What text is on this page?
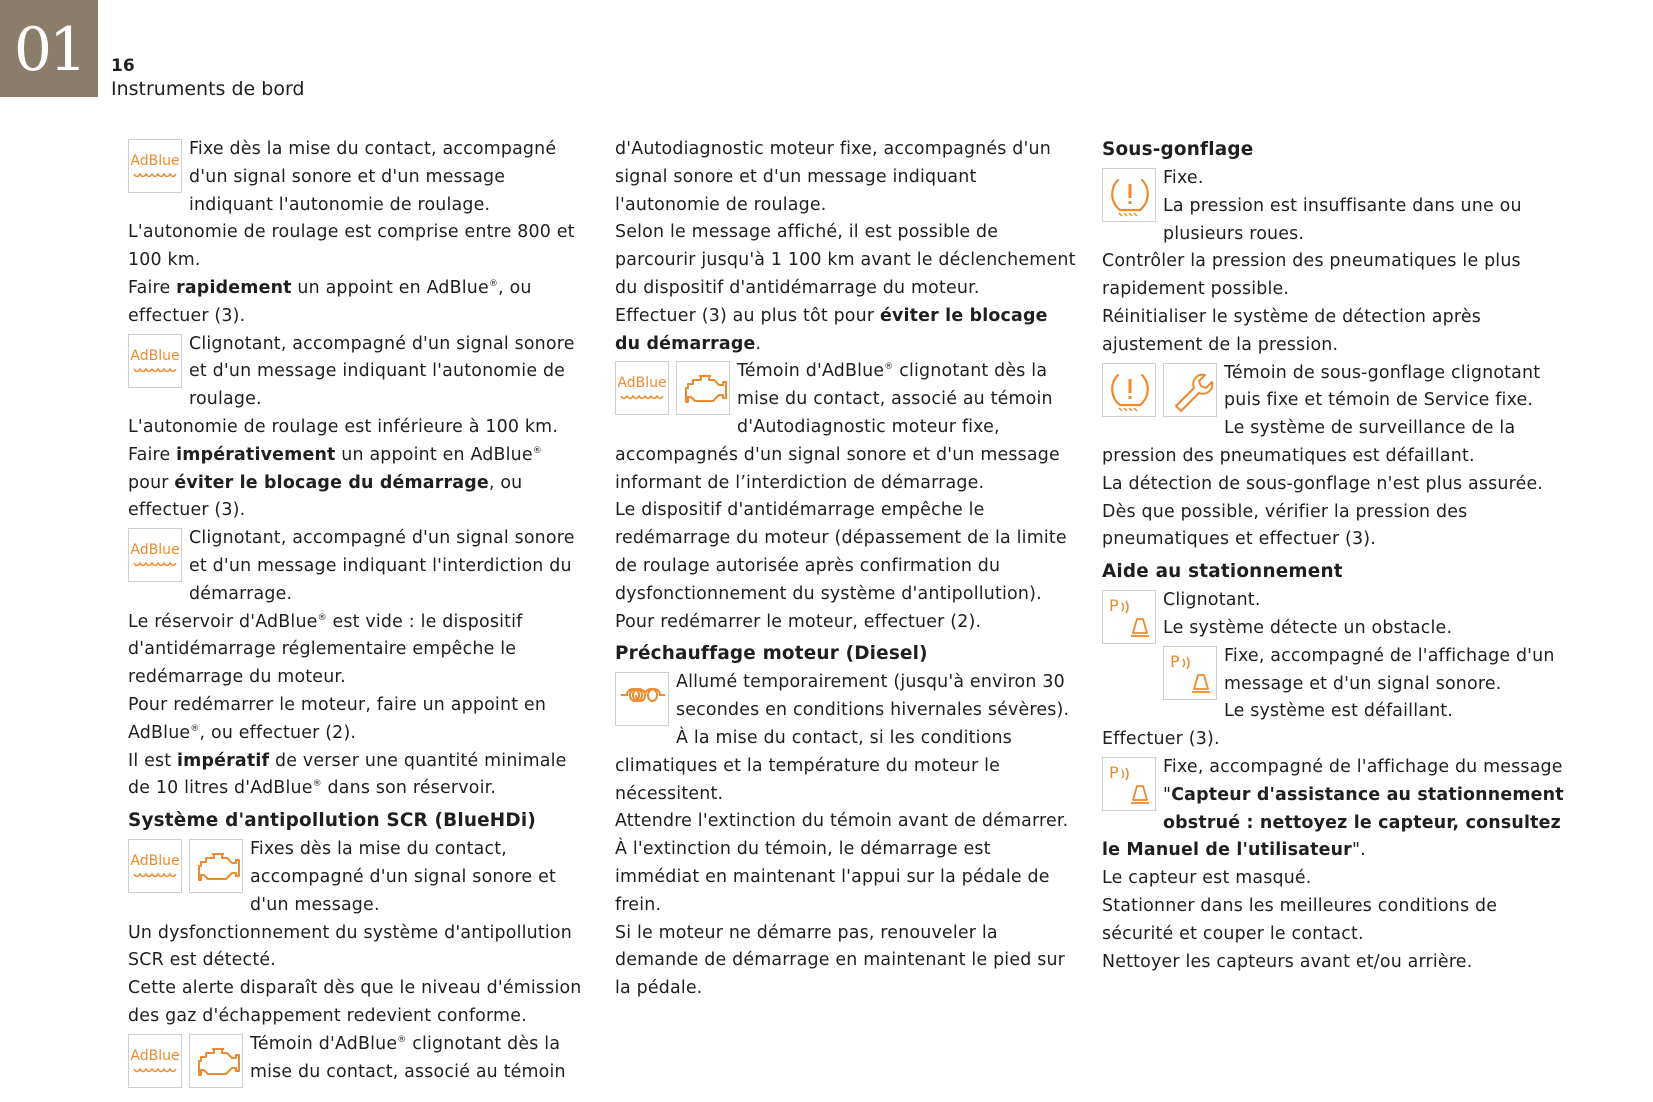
01	16
Instruments de bord

AdBlue
Fixe dès la mise du contact, accompagné d'un signal sonore et d'un message indiquant l'autonomie de roulage.

L'autonomie de roulage est comprise entre 800 et 100 km.

Faire rapidement un appoint en AdBlue®, ou effectuer (3).

AdBlue
Clignotant, accompagné d'un signal sonore et d'un message indiquant l'autonomie de roulage.

L'autonomie de roulage est inférieure à 100 km.

Faire impérativement un appoint en AdBlue® pour éviter le blocage du démarrage, ou effectuer (3).

AdBlue
Clignotant, accompagné d'un signal sonore et d'un message indiquant l'interdiction du démarrage.

Le réservoir d'AdBlue® est vide : le dispositif d'antidémarrage réglementaire empêche le redémarrage du moteur.

Pour redémarrer le moteur, faire un appoint en AdBlue®, ou effectuer (2).

Il est impératif de verser une quantité minimale de 10 litres d'AdBlue® dans son réservoir.

Système d'antipollution SCR (BlueHDi)

AdBlue
Fixes dès la mise du contact, accompagné d'un signal sonore et d'un message.

Un dysfonctionnement du système d'antipollution SCR est détecté.

Cette alerte disparaît dès que le niveau d'émission des gaz d'échappement redevient conforme.

AdBlue
Témoin d'AdBlue® clignotant dès la mise du contact, associé au témoin

d'Autodiagnostic moteur fixe, accompagnés d'un signal sonore et d'un message indiquant l'autonomie de roulage.

Selon le message affiché, il est possible de parcourir jusqu'à 1 100 km avant le déclenchement du dispositif d'antidémarrage du moteur.

Effectuer (3) au plus tôt pour éviter le blocage du démarrage.

AdBlue
Témoin d'AdBlue® clignotant dès la mise du contact, associé au témoin d'Autodiagnostic moteur fixe, accompagnés d'un signal sonore et d'un message informant de l’interdiction de démarrage.

Le dispositif d'antidémarrage empêche le redémarrage du moteur (dépassement de la limite de roulage autorisée après confirmation du dysfonctionnement du système d'antipollution).

Pour redémarrer le moteur, effectuer (2).

Préchauffage moteur (Diesel)

Allumé temporairement (jusqu'à environ 30 secondes en conditions hivernales sévères).

À la mise du contact, si les conditions climatiques et la température du moteur le nécessitent.

Attendre l'extinction du témoin avant de démarrer.

À l'extinction du témoin, le démarrage est immédiat en maintenant l'appui sur la pédale de frein.

Si le moteur ne démarre pas, renouveler la demande de démarrage en maintenant le pied sur la pédale.

Sous-gonflage

Fixe.
La pression est insuffisante dans une ou plusieurs roues.

Contrôler la pression des pneumatiques le plus rapidement possible.

Réinitialiser le système de détection après ajustement de la pression.

Témoin de sous-gonflage clignotant puis fixe et témoin de Service fixe.

Le système de surveillance de la pression des pneumatiques est défaillant.

La détection de sous-gonflage n'est plus assurée.

Dès que possible, vérifier la pression des pneumatiques et effectuer (3).

Aide au stationnement

P	Clignotant.
Le système détecte un obstacle.

P	Fixe, accompagné de l'affichage d'un message et d'un signal sonore.

Le système est défaillant.

Effectuer (3).

P	Fixe, accompagné de l'affichage du message "Capteur d'assistance au stationnement obstrué : nettoyez le capteur, consultez le Manuel de l'utilisateur".

Le capteur est masqué.

Stationner dans les meilleures conditions de sécurité et couper le contact.

Nettoyer les capteurs avant et/ou arrière.
